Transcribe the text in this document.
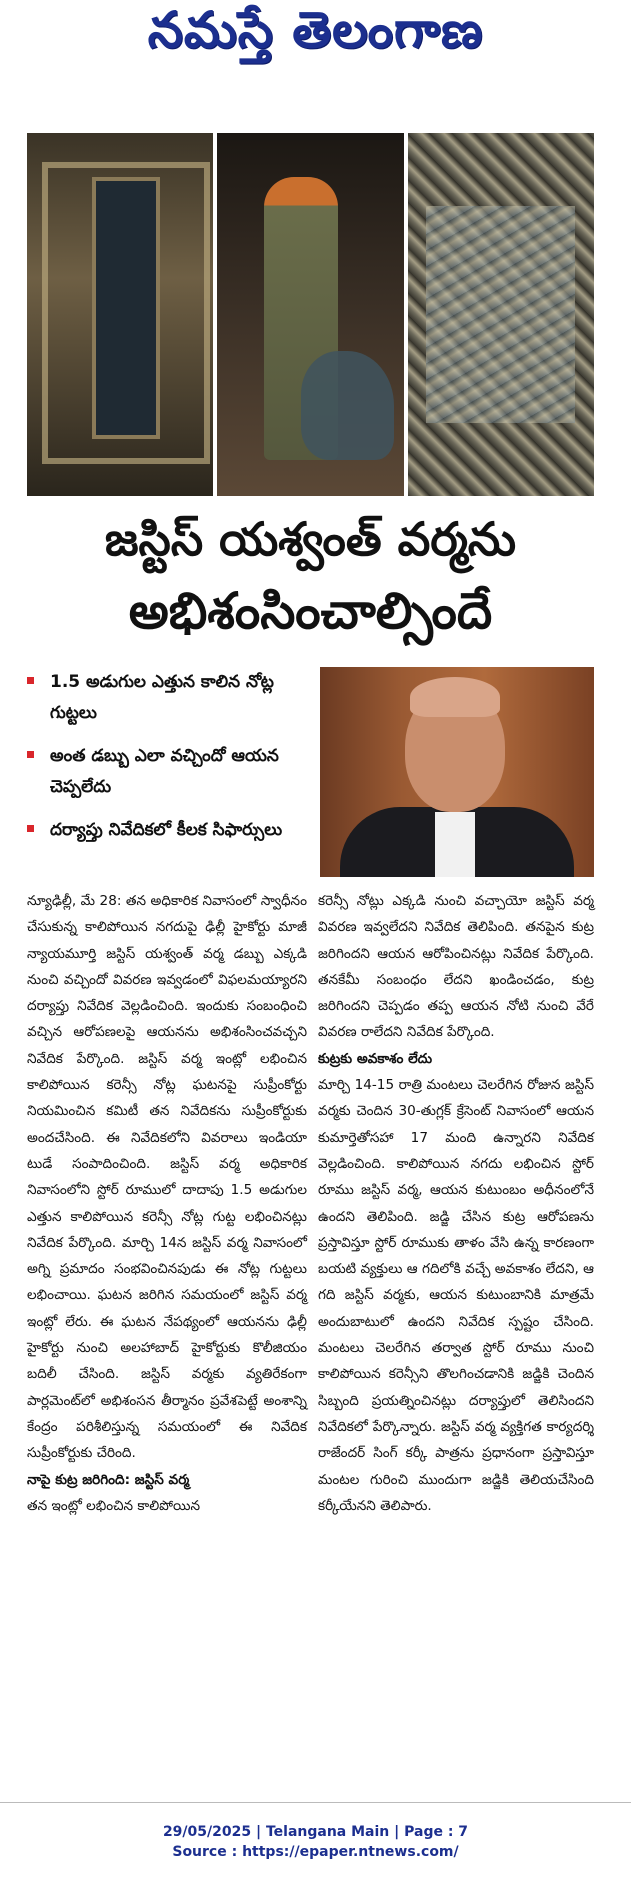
నమస్తే తెలంగాణ
జస్టిస్ యశ్వంత్ వర్మను
అభిశంసించాల్సిందే
1.5 అడుగుల ఎత్తున కాలిన నోట్ల గుట్టలు
అంత డబ్బు ఎలా వచ్చిందో ఆయన చెప్పలేదు
దర్యాప్తు నివేదికలో కీలక సిఫార్సులు

న్యూఢిల్లీ, మే 28: తన అధికారిక నివాసంలో స్వాధీనం చేసుకున్న కాలిపోయిన నగదుపై ఢిల్లీ హైకోర్టు మాజీ న్యాయమూర్తి జస్టిస్ యశ్వంత్ వర్మ డబ్బు ఎక్కడి నుంచి వచ్చిందో వివరణ ఇవ్వడంలో విఫలమయ్యారని దర్యాప్తు నివేదిక వెల్లడించింది. ఇందుకు సంబంధించి వచ్చిన ఆరోపణలపై ఆయనను అభిశంసించవచ్చని నివేదిక పేర్కొంది. జస్టిస్ వర్మ ఇంట్లో లభించిన కాలిపోయిన కరెన్సీ నోట్ల ఘటనపై సుప్రీంకోర్టు నియమించిన కమిటీ తన నివేదికను సుప్రీంకోర్టుకు అందచేసింది. ఈ నివేదికలోని వివరాలు ఇండియా టుడే సంపాదించింది. జస్టిస్ వర్మ అధికారిక నివాసంలోని స్టోర్ రూములో దాదాపు 1.5 అడుగుల ఎత్తున కాలిపోయిన కరెన్సీ నోట్ల గుట్ట లభించినట్లు నివేదిక పేర్కొంది. మార్చి 14న జస్టిస్ వర్మ నివాసంలో అగ్ని ప్రమాదం సంభవించినపుడు ఈ నోట్ల గుట్టలు లభించాయి. ఘటన జరిగిన సమయంలో జస్టిస్ వర్మ ఇంట్లో లేరు. ఈ ఘటన నేపథ్యంలో ఆయనను ఢిల్లీ హైకోర్టు నుంచి అలహాబాద్ హైకోర్టుకు కొలీజియం బదిలీ చేసింది. జస్టిస్ వర్మకు వ్యతిరేకంగా పార్లమెంట్‌లో అభిశంసన తీర్మానం ప్రవేశపెట్టే అంశాన్ని కేంద్రం పరిశీలిస్తున్న సమయంలో ఈ నివేదిక సుప్రీంకోర్టుకు చేరింది.

నాపై కుట్ర జరిగింది: జస్టిస్ వర్మ

తన ఇంట్లో లభించిన కాలిపోయిన

కరెన్సీ నోట్లు ఎక్కడి నుంచి వచ్చాయో జస్టిస్ వర్మ వివరణ ఇవ్వలేదని నివేదిక తెలిపింది. తనపైన కుట్ర జరిగిందని ఆయన ఆరోపించినట్లు నివేదిక పేర్కొంది. తనకేమీ సంబంధం లేదని ఖండించడం, కుట్ర జరిగిందని చెప్పడం తప్ప ఆయన నోటి నుంచి వేరే వివరణ రాలేదని నివేదిక పేర్కొంది.

కుట్రకు అవకాశం లేదు

మార్చి 14-15 రాత్రి మంటలు చెలరేగిన రోజున జస్టిస్ వర్మకు చెందిన 30-తుగ్లక్ క్రేసెంట్ నివాసంలో ఆయన కుమార్తెతోసహా 17 మంది ఉన్నారని నివేదిక వెల్లడించింది. కాలిపోయిన నగదు లభించిన స్టోర్ రూము జస్టిస్ వర్మ, ఆయన కుటుంబం అధీనంలోనే ఉందని తెలిపింది. జడ్జి చేసిన కుట్ర ఆరోపణను ప్రస్తావిస్తూ స్టోర్ రూముకు తాళం వేసి ఉన్న కారణంగా బయటి వ్యక్తులు ఆ గదిలోకి వచ్చే అవకాశం లేదని, ఆ గది జస్టిస్ వర్మకు, ఆయన కుటుంబానికి మాత్రమే అందుబాటులో ఉందని నివేదిక స్పష్టం చేసింది. మంటలు చెలరేగిన తర్వాత స్టోర్ రూము నుంచి కాలిపోయిన కరెన్సీని తొలగించడానికి జడ్జికి చెందిన సిబ్బంది ప్రయత్నించినట్లు దర్యాప్తులో తెలిసిందని నివేదికలో పేర్కొన్నారు. జస్టిస్ వర్మ వ్యక్తిగత కార్యదర్శి రాజేందర్ సింగ్ కర్కీ పాత్రను ప్రధానంగా ప్రస్తావిస్తూ మంటల గురించి ముందుగా జడ్జికి తెలియచేసింది కర్కీయేనని తెలిపారు.

29/05/2025 | Telangana Main | Page : 7
Source : https://epaper.ntnews.com/
